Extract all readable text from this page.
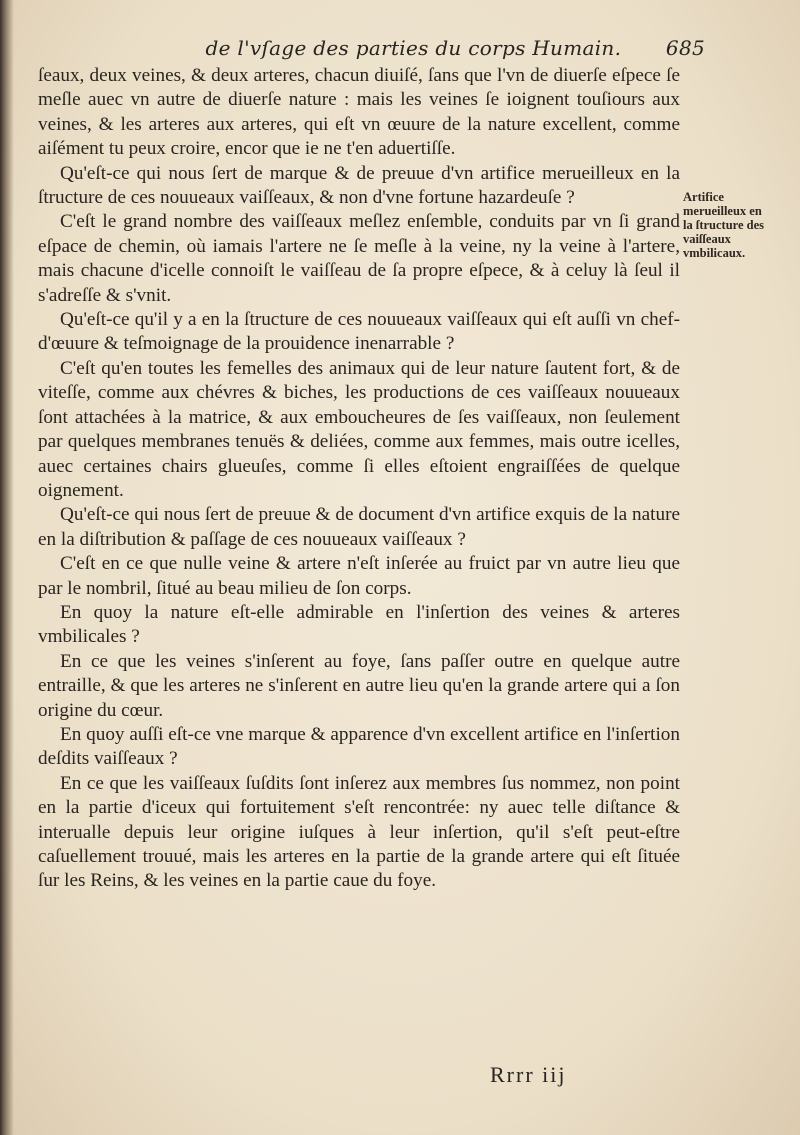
de l'vſage des parties du corps Humain. 685

ſeaux, deux veines, & deux arteres, chacun diuiſé, ſans que l'vn de diuerſe eſpece ſe meſle auec vn autre de diuerſe nature : mais les veines ſe ioignent touſiours aux veines, & les arteres aux arteres, qui eſt vn œuure de la nature excellent, comme aiſément tu peux croire, encor que ie ne t'en aduertiſſe.

Qu'eſt-ce qui nous ſert de marque & de preuue d'vn artifice merueilleux en la ſtructure de ces nouueaux vaiſſeaux, & non d'vne fortune hazardeuſe ?

C'eſt le grand nombre des vaiſſeaux meſlez enſemble, conduits par vn ſi grand eſpace de chemin, où iamais l'artere ne ſe meſle à la veine, ny la veine à l'artere, mais chacune d'icelle connoiſt le vaiſſeau de ſa propre eſpece, & à celuy là ſeul il s'adreſſe & s'vnit.

Qu'eſt-ce qu'il y a en la ſtructure de ces nouueaux vaiſſeaux qui eſt auſſi vn chef-d'œuure & teſmoignage de la prouidence inenarrable ?

C'eſt qu'en toutes les femelles des animaux qui de leur nature ſautent fort, & de viteſſe, comme aux chévres & biches, les productions de ces vaiſſeaux nouueaux ſont attachées à la matrice, & aux emboucheures de ſes vaiſſeaux, non ſeulement par quelques membranes tenuës & deliées, comme aux femmes, mais outre icelles, auec certaines chairs glueuſes, comme ſi elles eſtoient engraiſſées de quelque oignement.

Qu'eſt-ce qui nous ſert de preuue & de document d'vn artifice exquis de la nature en la diſtribution & paſſage de ces nouueaux vaiſſeaux ?

C'eſt en ce que nulle veine & artere n'eſt inſerée au fruict par vn autre lieu que par le nombril, ſitué au beau milieu de ſon corps.

En quoy la nature eſt-elle admirable en l'inſertion des veines & arteres vmbilicales ?

En ce que les veines s'inſerent au foye, ſans paſſer outre en quelque autre entraille, & que les arteres ne s'inſerent en autre lieu qu'en la grande artere qui a ſon origine du cœur.

En quoy auſſi eſt-ce vne marque & apparence d'vn excellent artifice en l'inſertion deſdits vaiſſeaux ?

En ce que les vaiſſeaux ſuſdits ſont inſerez aux membres ſus nommez, non point en la partie d'iceux qui fortuitement s'eſt rencontrée: ny auec telle diſtance & interualle depuis leur origine iuſques à leur inſertion, qu'il s'eſt peut-eſtre caſuellement trouué, mais les arteres en la partie de la grande artere qui eſt ſituée ſur les Reins, & les veines en la partie caue du foye.

Artifice merueilleux en la ſtructure des vaiſſeaux vmbilicaux.
Rrrr iij
